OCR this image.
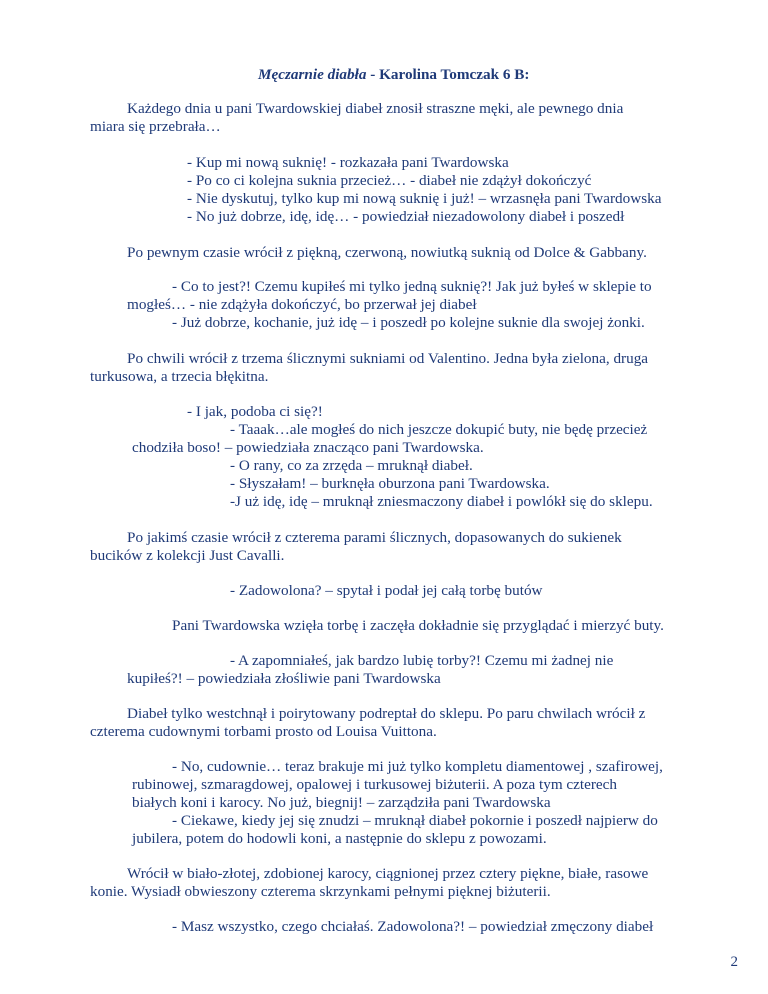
Męczarnie diabła - Karolina Tomczak 6 B:
Każdego dnia u pani Twardowskiej diabeł znosił straszne męki, ale pewnego dnia
miara się przebrała…
- Kup mi nową suknię! - rozkazała pani Twardowska
- Po co ci kolejna suknia przecież… - diabeł nie zdążył dokończyć
- Nie dyskutuj, tylko kup mi nową suknię i już! – wrzasnęła pani Twardowska
- No już dobrze, idę, idę… - powiedział niezadowolony diabeł i poszedł
Po pewnym czasie wrócił z piękną, czerwoną, nowiutką suknią od Dolce & Gabbany.
- Co to jest?! Czemu kupiłeś mi tylko jedną suknię?! Jak już byłeś w sklepie to
mogłeś… - nie zdążyła dokończyć, bo przerwał jej diabeł
- Już dobrze, kochanie, już idę – i poszedł po kolejne suknie dla swojej żonki.
Po chwili wrócił z trzema ślicznymi sukniami od Valentino. Jedna była zielona, druga
turkusowa, a trzecia błękitna.
- I jak, podoba ci się?!
- Taaak…ale mogłeś do nich jeszcze dokupić buty, nie będę przecież
chodziła boso! – powiedziała znacząco pani Twardowska.
- O rany, co za zrzęda – mruknął diabeł.
- Słyszałam! – burknęła oburzona pani Twardowska.
-J uż idę, idę – mruknął zniesmaczony diabeł i powlókł się do sklepu.
Po jakimś czasie wrócił z czterema parami ślicznych, dopasowanych do sukienek
bucików z kolekcji Just Cavalli.
- Zadowolona? – spytał i podał jej całą torbę butów
Pani Twardowska wzięła torbę i zaczęła dokładnie się przyglądać i mierzyć buty.
- A zapomniałeś, jak bardzo lubię torby?! Czemu mi żadnej nie
kupiłeś?! – powiedziała złośliwie pani Twardowska
Diabeł tylko westchnął i poirytowany podreptał do sklepu. Po paru chwilach wrócił z
czterema cudownymi torbami prosto od Louisa Vuittona.
- No, cudownie… teraz brakuje mi już tylko kompletu diamentowej , szafirowej,
rubinowej, szmaragdowej, opalowej i turkusowej biżuterii. A poza tym czterech
białych koni i karocy. No już, biegnij! – zarządziła pani Twardowska
- Ciekawe, kiedy jej się znudzi – mruknął diabeł pokornie i poszedł najpierw do
jubilera, potem do hodowli koni, a następnie do sklepu z powozami.
Wrócił w biało-złotej, zdobionej karocy, ciągnionej przez cztery piękne, białe, rasowe
konie. Wysiadł obwieszony czterema skrzynkami pełnymi pięknej biżuterii.
- Masz wszystko, czego chciałaś. Zadowolona?! – powiedział zmęczony diabeł
2
